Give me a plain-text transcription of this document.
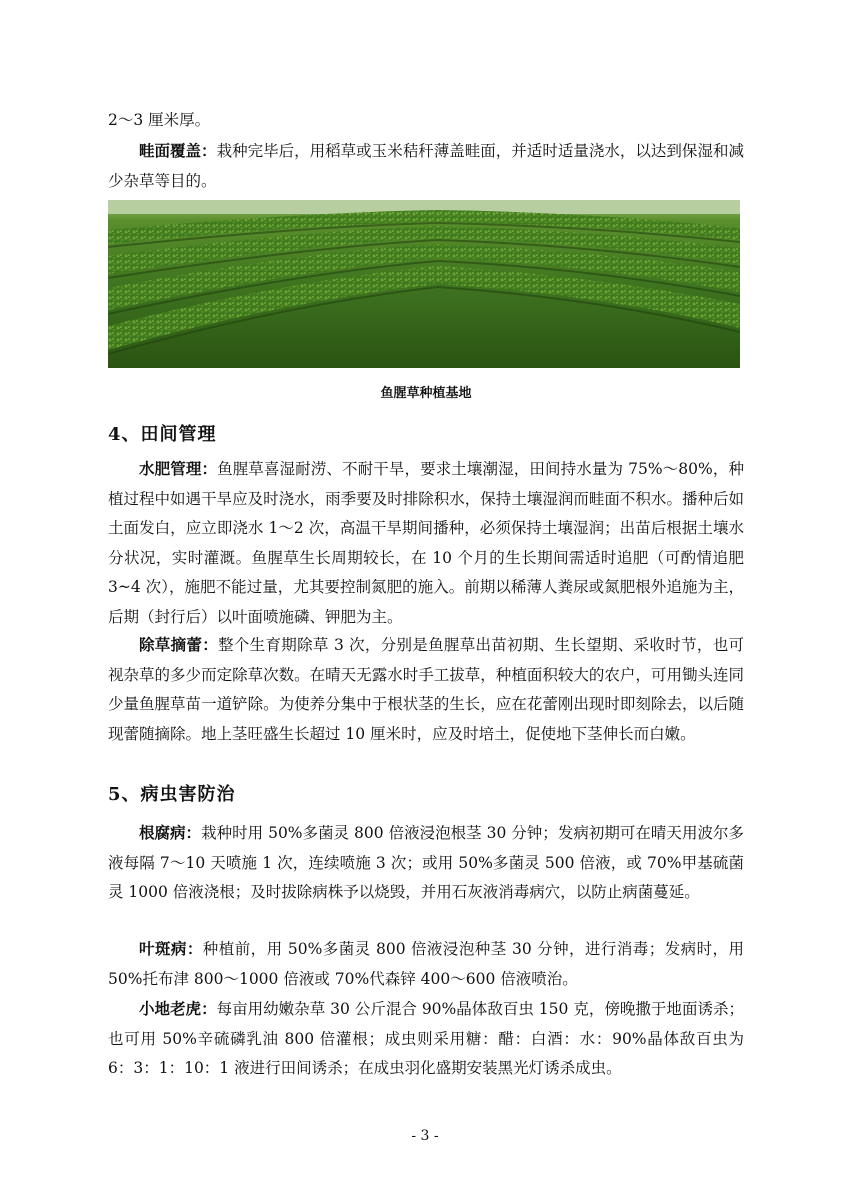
2～3 厘米厚。

畦面覆盖：栽种完毕后，用稻草或玉米秸秆薄盖畦面，并适时适量浇水，以达到保湿和减少杂草等目的。

鱼腥草种植基地
4、田间管理

水肥管理：鱼腥草喜湿耐涝、不耐干旱，要求土壤潮湿，田间持水量为 75%～80%，种植过程中如遇干旱应及时浇水，雨季要及时排除积水，保持土壤湿润而畦面不积水。播种后如土面发白，应立即浇水 1～2 次，高温干旱期间播种，必须保持土壤湿润；出苗后根据土壤水分状况，实时灌溉。鱼腥草生长周期较长，在 10 个月的生长期间需适时追肥（可酌情追肥 3~4 次），施肥不能过量，尤其要控制氮肥的施入。前期以稀薄人粪尿或氮肥根外追施为主，后期（封行后）以叶面喷施磷、钾肥为主。

除草摘蕾：整个生育期除草 3 次，分别是鱼腥草出苗初期、生长望期、采收时节，也可视杂草的多少而定除草次数。在晴天无露水时手工拔草，种植面积较大的农户，可用锄头连同少量鱼腥草苗一道铲除。为使养分集中于根状茎的生长，应在花蕾刚出现时即刻除去，以后随现蕾随摘除。地上茎旺盛生长超过 10 厘米时，应及时培土，促使地下茎伸长而白嫩。

5、病虫害防治

根腐病：栽种时用 50%多菌灵 800 倍液浸泡根茎 30 分钟；发病初期可在晴天用波尔多液每隔 7～10 天喷施 1 次，连续喷施 3 次；或用 50%多菌灵 500 倍液，或 70%甲基硫菌灵 1000 倍液浇根；及时拔除病株予以烧毁，并用石灰液消毒病穴，以防止病菌蔓延。

叶斑病：种植前，用 50%多菌灵 800 倍液浸泡种茎 30 分钟，进行消毒；发病时，用 50%托布津 800～1000 倍液或 70%代森锌 400～600 倍液喷治。

小地老虎：每亩用幼嫩杂草 30 公斤混合 90%晶体敌百虫 150 克，傍晚撒于地面诱杀；也可用 50%辛硫磷乳油 800 倍灌根；成虫则采用糖：醋：白酒：水：90%晶体敌百虫为 6：3：1：10：1 液进行田间诱杀；在成虫羽化盛期安装黑光灯诱杀成虫。

- 3 -
